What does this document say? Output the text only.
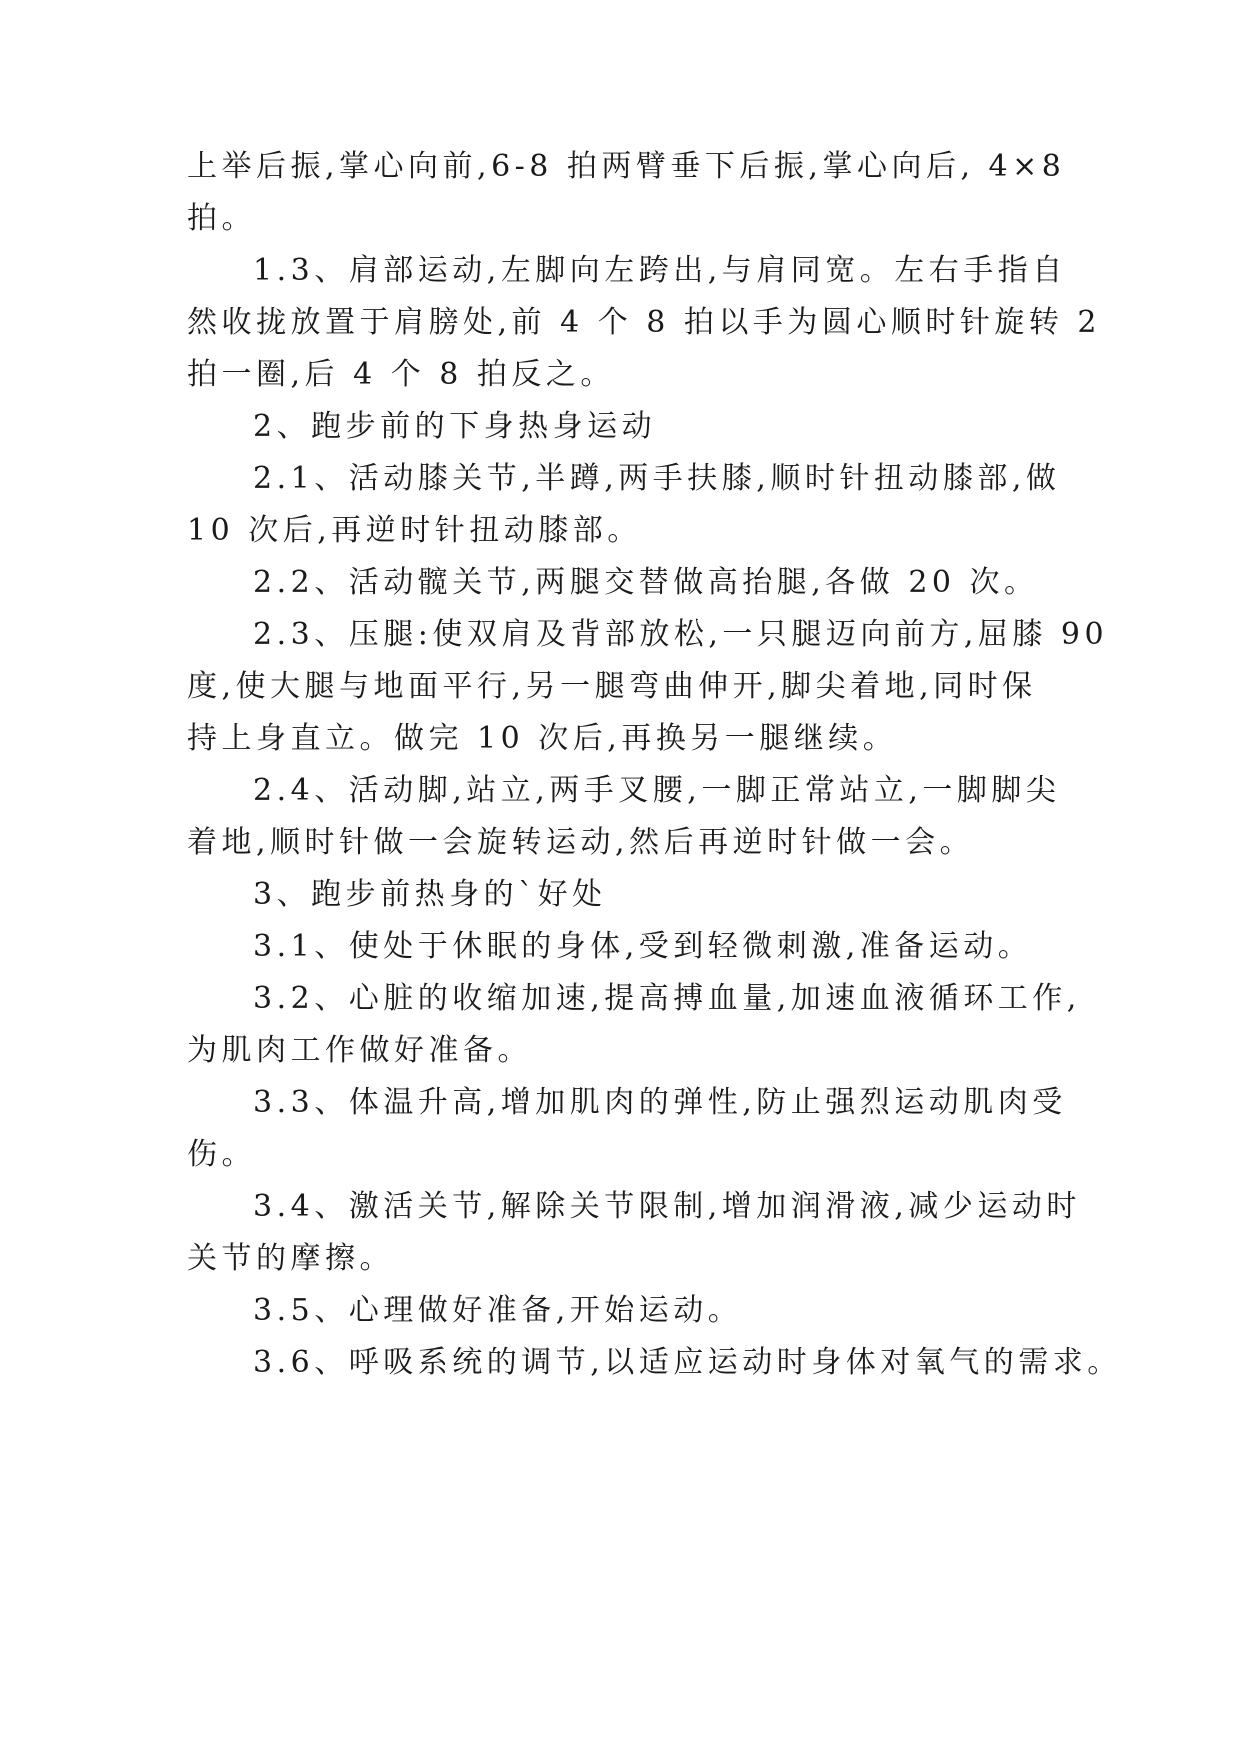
上举后振,掌心向前,6-8 拍两臂垂下后振,掌心向后, 4×8
拍。
1.3、肩部运动,左脚向左跨出,与肩同宽。左右手指自
然收拢放置于肩膀处,前 4 个 8 拍以手为圆心顺时针旋转 2
拍一圈,后 4 个 8 拍反之。
2、跑步前的下身热身运动
2.1、活动膝关节,半蹲,两手扶膝,顺时针扭动膝部,做
10 次后,再逆时针扭动膝部。
2.2、活动髋关节,两腿交替做高抬腿,各做 20 次。
2.3、压腿:使双肩及背部放松,一只腿迈向前方,屈膝 90
度,使大腿与地面平行,另一腿弯曲伸开,脚尖着地,同时保
持上身直立。做完 10 次后,再换另一腿继续。
2.4、活动脚,站立,两手叉腰,一脚正常站立,一脚脚尖
着地,顺时针做一会旋转运动,然后再逆时针做一会。
3、跑步前热身的`好处
3.1、使处于休眠的身体,受到轻微刺激,准备运动。
3.2、心脏的收缩加速,提高搏血量,加速血液循环工作,
为肌肉工作做好准备。
3.3、体温升高,增加肌肉的弹性,防止强烈运动肌肉受
伤。
3.4、激活关节,解除关节限制,增加润滑液,减少运动时
关节的摩擦。
3.5、心理做好准备,开始运动。
3.6、呼吸系统的调节,以适应运动时身体对氧气的需求。
